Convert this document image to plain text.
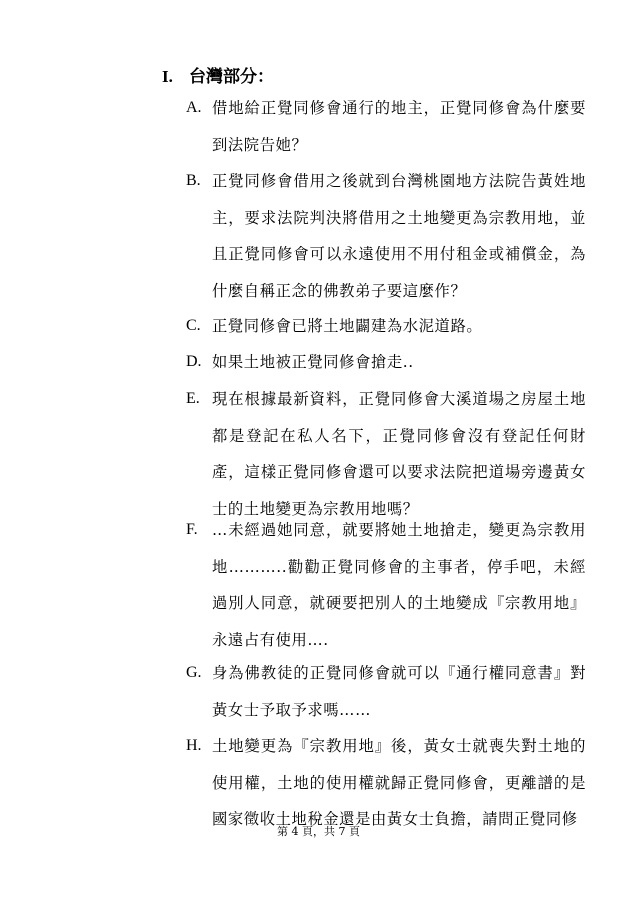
I. 台灣部分：
A. 借地給正覺同修會通行的地主，正覺同修會為什麼要到法院告她？
B. 正覺同修會借用之後就到台灣桃園地方法院告黃姓地主，要求法院判決將借用之土地變更為宗教用地，並且正覺同修會可以永遠使用不用付租金或補償金，為什麼自稱正念的佛教弟子要這麼作？
C. 正覺同修會已將土地闢建為水泥道路。
D. 如果土地被正覺同修會搶走..
E. 現在根據最新資料，正覺同修會大溪道場之房屋土地都是登記在私人名下，正覺同修會沒有登記任何財產，這樣正覺同修會還可以要求法院把道場旁邊黃女士的土地變更為宗教用地嗎？
F. …未經過她同意，就要將她土地搶走，變更為宗教用地………..勸勸正覺同修會的主事者，停手吧，未經過別人同意，就硬要把別人的土地變成『宗教用地』永遠占有使用….
G. 身為佛教徒的正覺同修會就可以『通行權同意書』對黃女士予取予求嗎……
H. 土地變更為『宗教用地』後，黃女士就喪失對土地的使用權，土地的使用權就歸正覺同修會，更離譜的是國家徵收土地稅金還是由黃女士負擔，請問正覺同修
第 4 頁，共 7 頁
